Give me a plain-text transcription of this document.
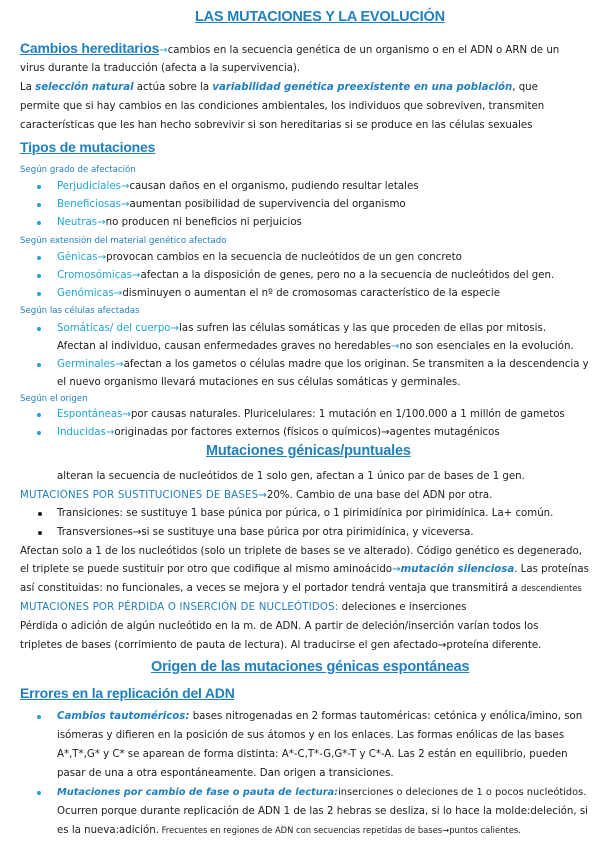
LAS MUTACIONES Y LA EVOLUCIÓN
Cambios hereditarios→cambios en la secuencia genética de un organismo o en el ADN o ARN de un
virus durante la traducción (afecta a la supervivencia).
La selección natural actúa sobre la variabilidad genética preexistente en una población, que
permite que si hay cambios en las condiciones ambientales, los individuos que sobreviven, transmiten
características que les han hecho sobrevivir si son hereditarias si se produce en las células sexuales
Tipos de mutaciones
Según grado de afectación
Perjudiciales→causan daños en el organismo, pudiendo resultar letales
Beneficiosas→aumentan posibilidad de supervivencia del organismo
Neutras→no producen ni beneficios ni perjuicios
Según extensión del material genético afectado
Génicas→provocan cambios en la secuencia de nucleótidos de un gen concreto
Cromosómicas→afectan a la disposición de genes, pero no a la secuencia de nucleótidos del gen.
Genómicas→disminuyen o aumentan el nº de cromosomas característico de la especie
Según las células afectadas
Somáticas/ del cuerpo→las sufren las células somáticas y las que proceden de ellas por mitosis.
Afectan al individuo, causan enfermedades graves no heredables→no son esenciales en la evolución.
Germinales→afectan a los gametos o células madre que los originan. Se transmiten a la descendencia y
el nuevo organismo llevará mutaciones en sus células somáticas y germinales.
Según el origen
Espontáneas→por causas naturales. Pluricelulares: 1 mutación en 1/100.000 a 1 millón de gametos
Inducidas→originadas por factores externos (físicos o químicos)→agentes mutagénicos
Mutaciones génicas/puntuales
alteran la secuencia de nucleótidos de 1 solo gen, afectan a 1 único par de bases de 1 gen.
MUTACIONES POR SUSTITUCIONES DE BASES→20%. Cambio de una base del ADN por otra.
Transiciones: se sustituye 1 base púnica por púrica, o 1 pirimidínica por pirimidínica. La+ común.
Transversiones→si se sustituye una base púrica por otra pirimidínica, y viceversa.
Afectan solo a 1 de los nucleótidos (solo un triplete de bases se ve alterado). Código genético es degenerado,
el triplete se puede sustituir por otro que codifique al mismo aminoácido→mutación silenciosa. Las proteínas
así constituidas: no funcionales, a veces se mejora y el portador tendrá ventaja que transmitirá a descendientes
MUTACIONES POR PÉRDIDA O INSERCIÓN DE NUCLEÓTIDOS: deleciones e inserciones
Pérdida o adición de algún nucleótido en la m. de ADN. A partir de deleción/inserción varían todos los
tripletes de bases (corrimiento de pauta de lectura). Al traducirse el gen afectado→proteína diferente.
Origen de las mutaciones génicas espontáneas
Errores en la replicación del ADN
Cambios tautoméricos: bases nitrogenadas en 2 formas tautoméricas: cetónica y enólica/imino, son
isómeras y difieren en la posición de sus átomos y en los enlaces. Las formas enólicas de las bases
A*,T*,G* y C* se aparean de forma distinta: A*-C,T*-G,G*-T y C*-A. Las 2 están en equilibrio, pueden
pasar de una a otra espontáneamente. Dan origen a transiciones.
Mutaciones por cambio de fase o pauta de lectura:inserciones o deleciones de 1 o pocos nucleótidos.
Ocurren porque durante replicación de ADN 1 de las 2 hebras se desliza, si lo hace la molde:deleción, si
es la nueva:adición. Frecuentes en regiones de ADN con secuencias repetidas de bases→puntos calientes.
